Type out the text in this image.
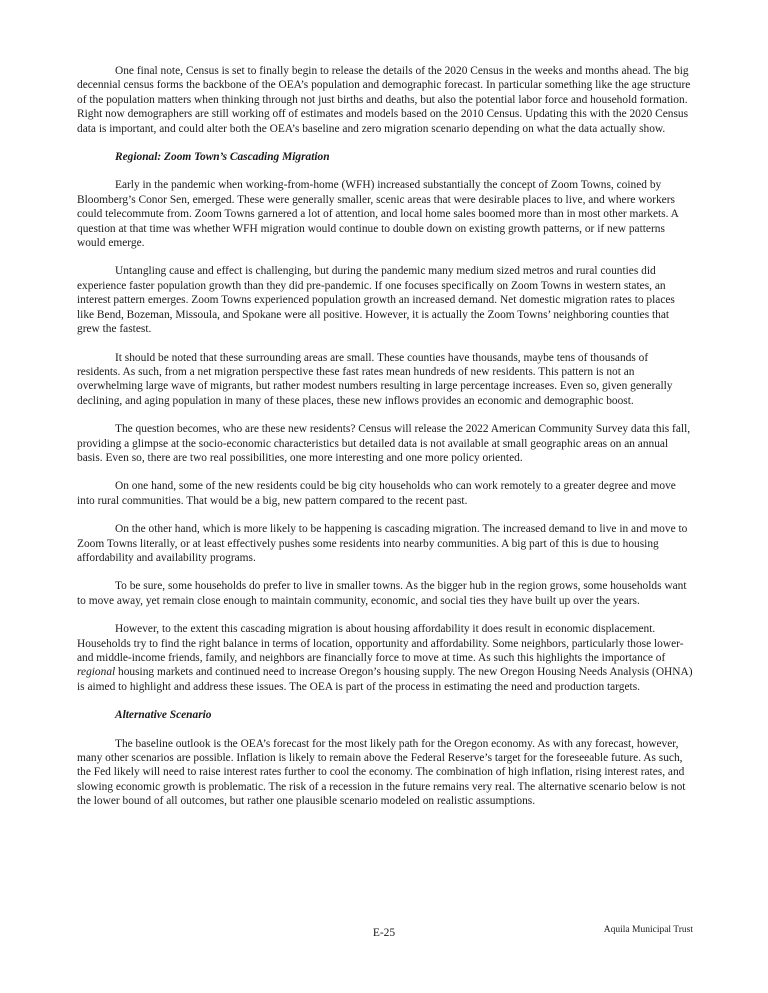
One final note, Census is set to finally begin to release the details of the 2020 Census in the weeks and months ahead. The big decennial census forms the backbone of the OEA’s population and demographic forecast. In particular something like the age structure of the population matters when thinking through not just births and deaths, but also the potential labor force and household formation. Right now demographers are still working off of estimates and models based on the 2010 Census. Updating this with the 2020 Census data is important, and could alter both the OEA’s baseline and zero migration scenario depending on what the data actually show.

Regional: Zoom Town’s Cascading Migration

Early in the pandemic when working-from-home (WFH) increased substantially the concept of Zoom Towns, coined by Bloomberg’s Conor Sen, emerged. These were generally smaller, scenic areas that were desirable places to live, and where workers could telecommute from. Zoom Towns garnered a lot of attention, and local home sales boomed more than in most other markets. A question at that time was whether WFH migration would continue to double down on existing growth patterns, or if new patterns would emerge.

Untangling cause and effect is challenging, but during the pandemic many medium sized metros and rural counties did experience faster population growth than they did pre-pandemic. If one focuses specifically on Zoom Towns in western states, an interest pattern emerges. Zoom Towns experienced population growth an increased demand. Net domestic migration rates to places like Bend, Bozeman, Missoula, and Spokane were all positive. However, it is actually the Zoom Towns’ neighboring counties that grew the fastest.

It should be noted that these surrounding areas are small. These counties have thousands, maybe tens of thousands of residents. As such, from a net migration perspective these fast rates mean hundreds of new residents. This pattern is not an overwhelming large wave of migrants, but rather modest numbers resulting in large percentage increases. Even so, given generally declining, and aging population in many of these places, these new inflows provides an economic and demographic boost.

The question becomes, who are these new residents? Census will release the 2022 American Community Survey data this fall, providing a glimpse at the socio-economic characteristics but detailed data is not available at small geographic areas on an annual basis. Even so, there are two real possibilities, one more interesting and one more policy oriented.

On one hand, some of the new residents could be big city households who can work remotely to a greater degree and move into rural communities. That would be a big, new pattern compared to the recent past.

On the other hand, which is more likely to be happening is cascading migration. The increased demand to live in and move to Zoom Towns literally, or at least effectively pushes some residents into nearby communities. A big part of this is due to housing affordability and availability programs.

To be sure, some households do prefer to live in smaller towns. As the bigger hub in the region grows, some households want to move away, yet remain close enough to maintain community, economic, and social ties they have built up over the years.

However, to the extent this cascading migration is about housing affordability it does result in economic displacement. Households try to find the right balance in terms of location, opportunity and affordability. Some neighbors, particularly those lower- and middle-income friends, family, and neighbors are financially force to move at time. As such this highlights the importance of regional housing markets and continued need to increase Oregon’s housing supply. The new Oregon Housing Needs Analysis (OHNA) is aimed to highlight and address these issues. The OEA is part of the process in estimating the need and production targets.

Alternative Scenario

The baseline outlook is the OEA’s forecast for the most likely path for the Oregon economy. As with any forecast, however, many other scenarios are possible. Inflation is likely to remain above the Federal Reserve’s target for the foreseeable future. As such, the Fed likely will need to raise interest rates further to cool the economy. The combination of high inflation, rising interest rates, and slowing economic growth is problematic. The risk of a recession in the future remains very real. The alternative scenario below is not the lower bound of all outcomes, but rather one plausible scenario modeled on realistic assumptions.

E-25	Aquila Municipal Trust
